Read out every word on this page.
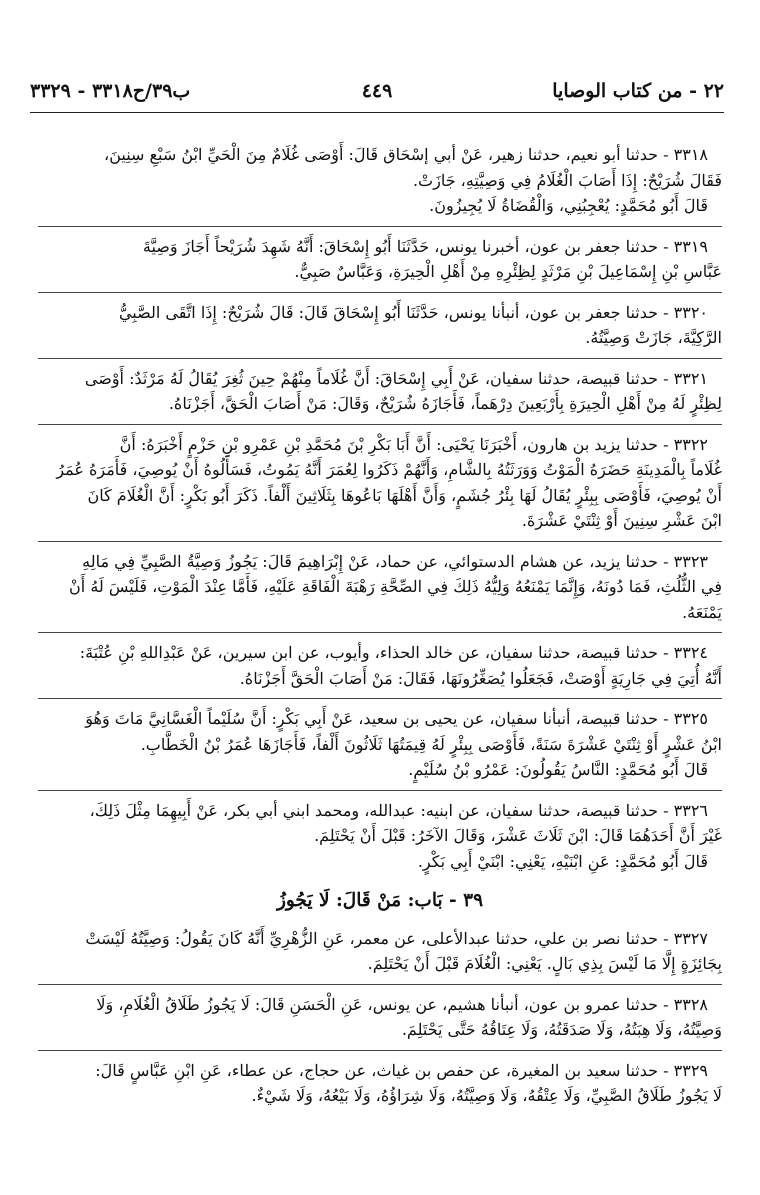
٢٢ - من كتاب الوصايا
٤٤٩
ب٣٩/ح٣٣١٨ - ٣٣٢٩
٣٣١٨ - حدثنا أبو نعيم، حدثنا زهير، عَنْ أبي إسْحَاق قَالَ: أَوْصَى غُلَامٌ مِنَ الْحَيِّ ابْنُ سَبْعِ سِنِينَ،
فَقَالَ شُرَيْحٌ: إِذَا أَصَابَ الْغُلَامُ فِي وَصِيَّتِهِ، جَازَتْ.
قَالَ أَبُو مُحَمَّدٍ: يُعْجِبُنِي، وَالْقُضَاةُ لَا يُجِيزُونَ.
٣٣١٩ - حدثنا جعفر بن عون، أخبرنا يونس، حَدَّثَنَا أَبُو إِسْحَاقَ: أَنَّهُ شَهِدَ شُرَيْحاً أَجَازَ وَصِيَّةَ
عَبَّاسِ بْنِ إِسْمَاعِيلَ بْنِ مَرْثَدٍ لِظِئْرِهِ مِنْ أَهْلِ الْحِيرَةِ، وَعَبَّاسٌ صَبِيٌّ.
٣٣٢٠ - حدثنا جعفر بن عون، أنبأنا يونس، حَدَّثَنَا أَبُو إِسْحَاقَ قَالَ: قَالَ شُرَيْحٌ: إِذَا اتَّقَى الصَّبِيُّ
الرَّكِيَّةَ، جَازَتْ وَصِيَّتُهُ.
٣٣٢١ - حدثنا قبيصة، حدثنا سفيان، عَنْ أَبِي إِسْحَاقَ: أَنَّ غُلَاماً مِنْهُمْ حِينَ ثُغِرَ يُقَالُ لَهُ مَرْثَدٌ: أَوْصَى
لِظِئْرٍ لَهُ مِنْ أَهْلِ الْحِيرَةِ بِأَرْبَعِينَ دِرْهَماً، فَأَجَازَهُ شُرَيْحٌ، وَقَالَ: مَنْ أَصَابَ الْحَقَّ، أَجَزْنَاهُ.
٣٣٢٢ - حدثنا يزيد بن هارون، أَخْبَرَنَا يَحْيَى: أَنَّ أَبَا بَكْرِ بْنَ مُحَمَّدِ بْنِ عَمْرِو بْنِ حَزْمٍ أَخْبَرَهُ: أَنَّ
غُلَاماً بِالْمَدِينَةِ حَضَرَهُ الْمَوْتُ وَوَرَثَتُهُ بِالشَّامِ، وَأَنَّهُمْ ذَكَرُوا لِعُمَرَ أَنَّهُ يَمُوتُ، فَسَأَلُوهُ أَنْ يُوصِيَ، فَأَمَرَهُ عُمَرُ
أَنْ يُوصِيَ، فَأَوْصَى بِبِئْرٍ يُقَالُ لَهَا بِئْرُ جُشَمٍ، وَأَنَّ أَهْلَهَا بَاعُوهَا بِثَلَاثِينَ أَلْفاً. ذَكَرَ أَبُو بَكْرٍ: أَنَّ الْغُلَامَ كَانَ
ابْنَ عَشْرِ سِنِينَ أَوْ ثِنْتَيْ عَشْرَةَ.
٣٣٢٣ - حدثنا يزيد، عن هشام الدستوائي، عن حماد، عَنْ إِبْرَاهِيمَ قَالَ: يَجُوزُ وَصِيَّةُ الصَّبِيِّ فِي مَالِهِ
فِي الثُّلُثِ، فَمَا دُونَهُ، وَإِنَّمَا يَمْنَعُهُ وَلِيُّهُ ذَلِكَ فِي الصِّحَّةِ رَهْبَةَ الْفَاقَةِ عَلَيْهِ، فَأَمَّا عِنْدَ الْمَوْتِ، فَلَيْسَ لَهُ أَنْ
يَمْنَعَهُ.
٣٣٢٤ - حدثنا قبيصة، حدثنا سفيان، عن خالد الحذاء، وأيوب، عن ابن سيرين، عَنْ عَبْدِاللهِ بْنِ عُتْبَةَ:
أَنَّهُ أُتِيَ فِي جَارِيَةٍ أَوْصَتْ، فَجَعَلُوا يُصَغِّرُونَهَا، فَقَالَ: مَنْ أَصَابَ الْحَقَّ أَجَزْنَاهُ.
٣٣٢٥ - حدثنا قبيصة، أنبأنا سفيان، عن يحيى بن سعيد، عَنْ أَبِي بَكْرٍ: أَنَّ سُلَيْماً الْغَسَّانِيَّ مَاتَ وَهُوَ
ابْنُ عَشْرٍ أَوْ ثِنْتَيْ عَشْرَةَ سَنَةً، فَأَوْصَى بِبِئْرٍ لَهُ قِيمَتُهَا ثَلَاثُونَ أَلْفاً، فَأَجَازَهَا عُمَرُ بْنُ الْخَطَّابِ.
قَالَ أَبُو مُحَمَّدٍ: النَّاسُ يَقُولُونَ: عَمْرُو بْنُ سُلَيْمٍ.
٣٣٢٦ - حدثنا قبيصة، حدثنا سفيان، عن ابنيه: عبدالله، ومحمد ابني أبي بكر، عَنْ أَبِيهِمَا مِثْلَ ذَلِكَ،
غَيْرَ أَنَّ أَحَدَهُمَا قَالَ: ابْنَ ثَلَاثَ عَشْرَ، وَقَالَ الآخَرُ: قَبْلَ أَنْ يَحْتَلِمَ.
قَالَ أَبُو مُحَمَّدٍ: عَنِ ابْنَيْهِ، يَعْنِي: ابْنَيْ أَبِي بَكْرٍ.
٣٩ - بَاب: مَنْ قَالَ: لَا يَجُوزُ
٣٣٢٧ - حدثنا نصر بن علي، حدثنا عبدالأعلى، عن معمر، عَنِ الزُّهْرِيِّ أَنَّهُ كَانَ يَقُولُ: وَصِيَّتُهُ لَيْسَتْ
بِجَائِزَةٍ إِلَّا مَا لَيْسَ بِذِي بَالٍ. يَعْنِي: الْغُلَامَ قَبْلَ أَنْ يَحْتَلِمَ.
٣٣٢٨ - حدثنا عمرو بن عون، أنبأنا هشيم، عن يونس، عَنِ الْحَسَنِ قَالَ: لَا يَجُوزُ طَلَاقُ الْغُلَامِ، وَلَا
وَصِيَّتُهُ، وَلَا هِبَتُهُ، وَلَا صَدَقَتُهُ، وَلَا عِتَاقُهُ حَتَّى يَحْتَلِمَ.
٣٣٢٩ - حدثنا سعيد بن المغيرة، عن حفص بن غياث، عن حجاج، عن عطاء، عَنِ ابْنِ عَبَّاسٍ قَالَ:
لَا يَجُوزُ طَلَاقُ الصَّبِيِّ، وَلَا عِتْقُهُ، وَلَا وَصِيَّتُهُ، وَلَا شِرَاؤُهُ، وَلَا بَيْعُهُ، وَلَا شَيْءٌ.
